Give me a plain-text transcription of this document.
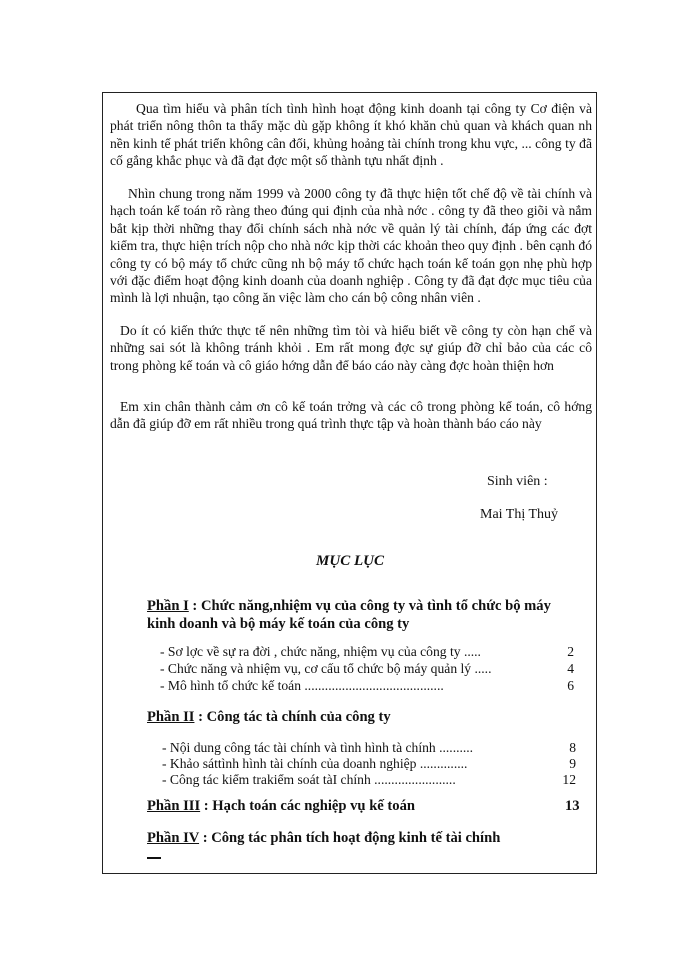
Qua tìm hiểu và phân tích tình hình hoạt động kinh doanh tại công ty Cơ điện và phát triển nông thôn ta thấy mặc dù gặp không ít khó khăn chủ quan và khách quan nh nền kinh tế phát triển không cân đối, khủng hoảng tài chính trong khu vực, ... công ty đã cố gắng khắc phục và đã đạt đợc một số thành tựu nhất định .

Nhìn chung trong năm 1999 và 2000 công ty đã thực hiện tốt chế độ về tài chính và hạch toán kế toán rõ ràng theo đúng qui định của nhà nớc . công ty đã theo giõi và nắm bắt kịp thời những thay đổi chính sách nhà nớc về quản lý tài chính, đáp ứng các đợt kiểm tra, thực hiện trích nộp cho nhà nớc kịp thời các khoản theo quy định . bên cạnh đó công ty có bộ máy tổ chức cũng nh bộ máy tổ chức hạch toán kế toán gọn nhẹ phù hợp với đặc điểm hoạt động kinh doanh của doanh nghiệp . Công ty đã đạt đợc mục tiêu của mình là lợi nhuận, tạo công ăn việc làm cho cán bộ công nhân viên .

Do ít có kiến thức thực tế nên những tìm tòi và hiểu biết về công ty còn hạn chế và những sai sót là không tránh khỏi . Em rất mong đợc sự giúp đỡ chỉ bảo của các cô trong phòng kế toán và cô giáo hớng dẫn để báo cáo này càng đợc hoàn thiện hơn

Em xin chân thành cảm ơn cô kế toán trởng và các cô trong phòng kế toán, cô hớng dẫn đã giúp đỡ em rất nhiều trong quá trình thực tập và hoàn thành báo cáo này

Sinh viên :
Mai Thị Thuỷ
MỤC LỤC
Phần I : Chức năng,nhiệm vụ của công ty và tình tổ chức bộ máy kinh doanh và bộ máy kế toán của công ty
- Sơ lợc về sự ra đời , chức năng, nhiệm vụ của công ty .....	2
- Chức năng và nhiệm vụ, cơ cấu tổ chức bộ máy quản lý .....	4
- Mô hình tổ chức kế toán .........................................	6
Phần II : Công tác tà chính của công ty
- Nội dung công tác tài chính và tình hình tà chính ..........	8
- Khảo sáttình hình tài chính của doanh nghiệp ..............	9
- Công tác kiểm trakiểm soát tàI chính ........................	12
Phần III : Hạch toán các nghiệp vụ kế toán	13
Phần IV : Công tác phân tích hoạt động kinh tế tài chính
